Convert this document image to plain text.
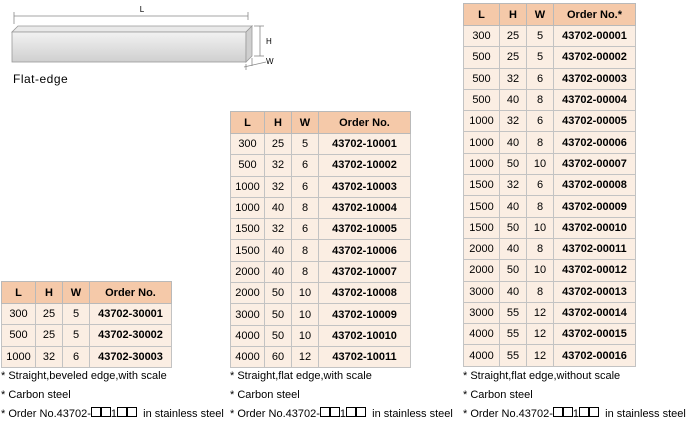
L
H
W
Flat-edge
L	H	W	Order No.
300	25	5	43702-30001
500	25	5	43702-30002
1000	32	6	43702-30003
* Straight,beveled edge,with scale
* Carbon steel
* Order No.43702- 1 in stainless steel
L	H	W	Order No.
300	25	5	43702-10001
500	32	6	43702-10002
1000	32	6	43702-10003
1000	40	8	43702-10004
1500	32	6	43702-10005
1500	40	8	43702-10006
2000	40	8	43702-10007
2000	50	10	43702-10008
3000	50	10	43702-10009
4000	50	10	43702-10010
4000	60	12	43702-10011
* Straight,flat edge,with scale
* Carbon steel
* Order No.43702- 1 in stainless steel
L	H	W	Order No.*
300	25	5	43702-00001
500	25	5	43702-00002
500	32	6	43702-00003
500	40	8	43702-00004
1000	32	6	43702-00005
1000	40	8	43702-00006
1000	50	10	43702-00007
1500	32	6	43702-00008
1500	40	8	43702-00009
1500	50	10	43702-00010
2000	40	8	43702-00011
2000	50	10	43702-00012
3000	40	8	43702-00013
3000	55	12	43702-00014
4000	55	12	43702-00015
4000	55	12	43702-00016
* Straight,flat edge,without scale
* Carbon steel
* Order No.43702- 1 in stainless steel
